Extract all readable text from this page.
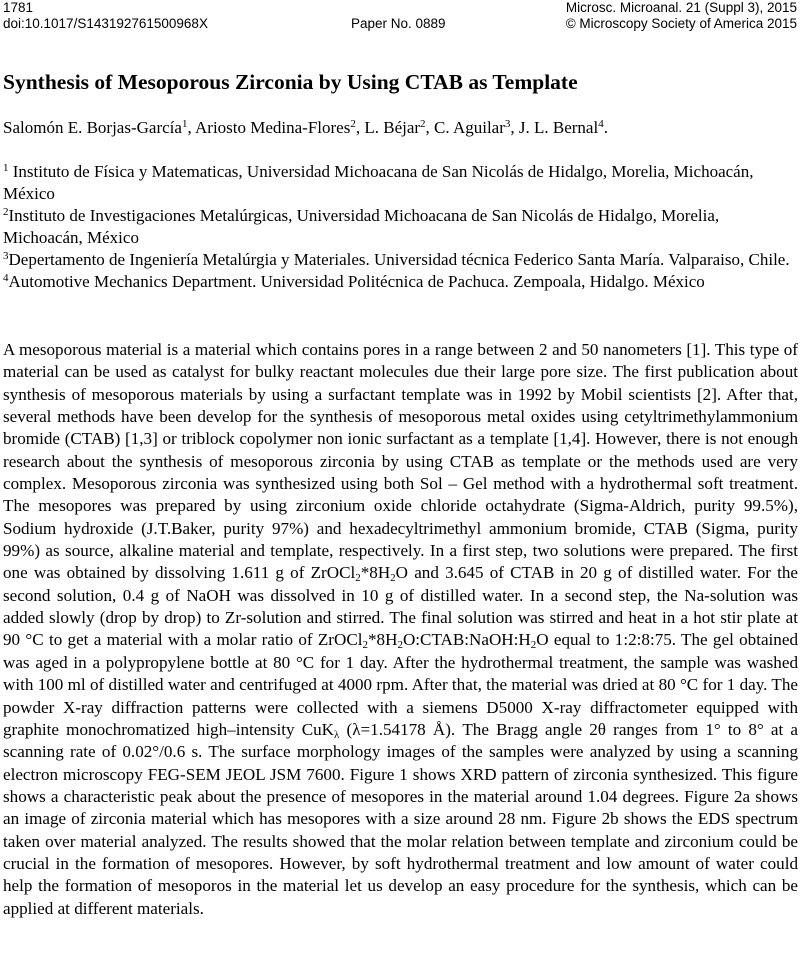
1781	Microsc. Microanal. 21 (Suppl 3), 2015
doi:10.1017/S143192761500968X	Paper No. 0889	© Microscopy Society of America 2015
Synthesis of Mesoporous Zirconia by Using CTAB as Template
Salomón E. Borjas-García$^1$, Ariosto Medina-Flores$^2$, L. Béjar$^2$, C. Aguilar$^3$, J. L. Bernal$^4$.

$^1$ Instituto de Física y Matematicas, Universidad Michoacana de San Nicolás de Hidalgo, Morelia, Michoacán, México

$^2$Instituto de Investigaciones Metalúrgicas, Universidad Michoacana de San Nicolás de Hidalgo, Morelia, Michoacán, México

$^3$Depertamento de Ingeniería Metalúrgia y Materiales. Universidad técnica Federico Santa María. Valparaiso, Chile.

$^4$Automotive Mechanics Department. Universidad Politécnica de Pachuca. Zempoala, Hidalgo. México

A mesoporous material is a material which contains pores in a range between 2 and 50 nanometers [1]. This type of material can be used as catalyst for bulky reactant molecules due their large pore size. The first publication about synthesis of mesoporous materials by using a surfactant template was in 1992 by Mobil scientists [2]. After that, several methods have been develop for the synthesis of mesoporous metal oxides using cetyltrimethylammonium bromide (CTAB) [1,3] or triblock copolymer non ionic surfactant as a template [1,4]. However, there is not enough research about the synthesis of mesoporous zirconia by using CTAB as template or the methods used are very complex. Mesoporous zirconia was synthesized using both Sol – Gel method with a hydrothermal soft treatment. The mesopores was prepared by using zirconium oxide chloride octahydrate (Sigma-Aldrich, purity 99.5%), Sodium hydroxide (J.T.Baker, purity 97%) and hexadecyltrimethyl ammonium bromide, CTAB (Sigma, purity 99%) as source, alkaline material and template, respectively. In a first step, two solutions were prepared. The first one was obtained by dissolving 1.611 g of $ZrOCl_2*8H_2O$ and 3.645 of CTAB in 20 g of distilled water. For the second solution, 0.4 g of NaOH was dissolved in 10 g of distilled water. In a second step, the Na-solution was added slowly (drop by drop) to Zr-solution and stirred. The final solution was stirred and heat in a hot stir plate at 90 °C to get a material with a molar ratio of $ZrOCl_2*8H_2O:CTAB:NaOH:H_2O$ equal to 1:2:8:75. The gel obtained was aged in a polypropylene bottle at 80 °C for 1 day. After the hydrothermal treatment, the sample was washed with 100 ml of distilled water and centrifuged at 4000 rpm. After that, the material was dried at 80 °C for 1 day. The powder X-ray diffraction patterns were collected with a siemens D5000 X-ray diffractometer equipped with graphite monochromatized high–intensity CuK$_\lambda$ (λ=1.54178 Å). The Bragg angle 2θ ranges from 1° to 8° at a scanning rate of 0.02°/0.6 s. The surface morphology images of the samples were analyzed by using a scanning electron microscopy FEG-SEM JEOL JSM 7600. Figure 1 shows XRD pattern of zirconia synthesized. This figure shows a characteristic peak about the presence of mesopores in the material around 1.04 degrees. Figure 2a shows an image of zirconia material which has mesopores with a size around 28 nm. Figure 2b shows the EDS spectrum taken over material analyzed. The results showed that the molar relation between template and zirconium could be crucial in the formation of mesopores. However, by soft hydrothermal treatment and low amount of water could help the formation of mesoporos in the material let us develop an easy procedure for the synthesis, which can be applied at different materials.
